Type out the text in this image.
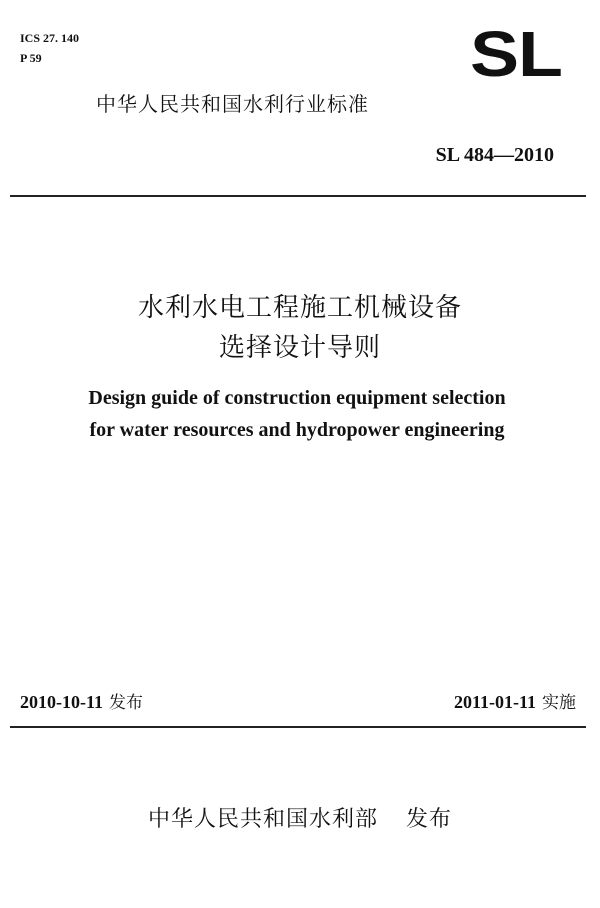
ICS 27. 140
P 59	SL
中华人民共和国水利行业标准
SL 484—2010
水利水电工程施工机械设备
选择设计导则
Design guide of construction equipment selection
for water resources and hydropower engineering
2010-10-11 发布	2011-01-11 实施
中华人民共和国水利部 发布
